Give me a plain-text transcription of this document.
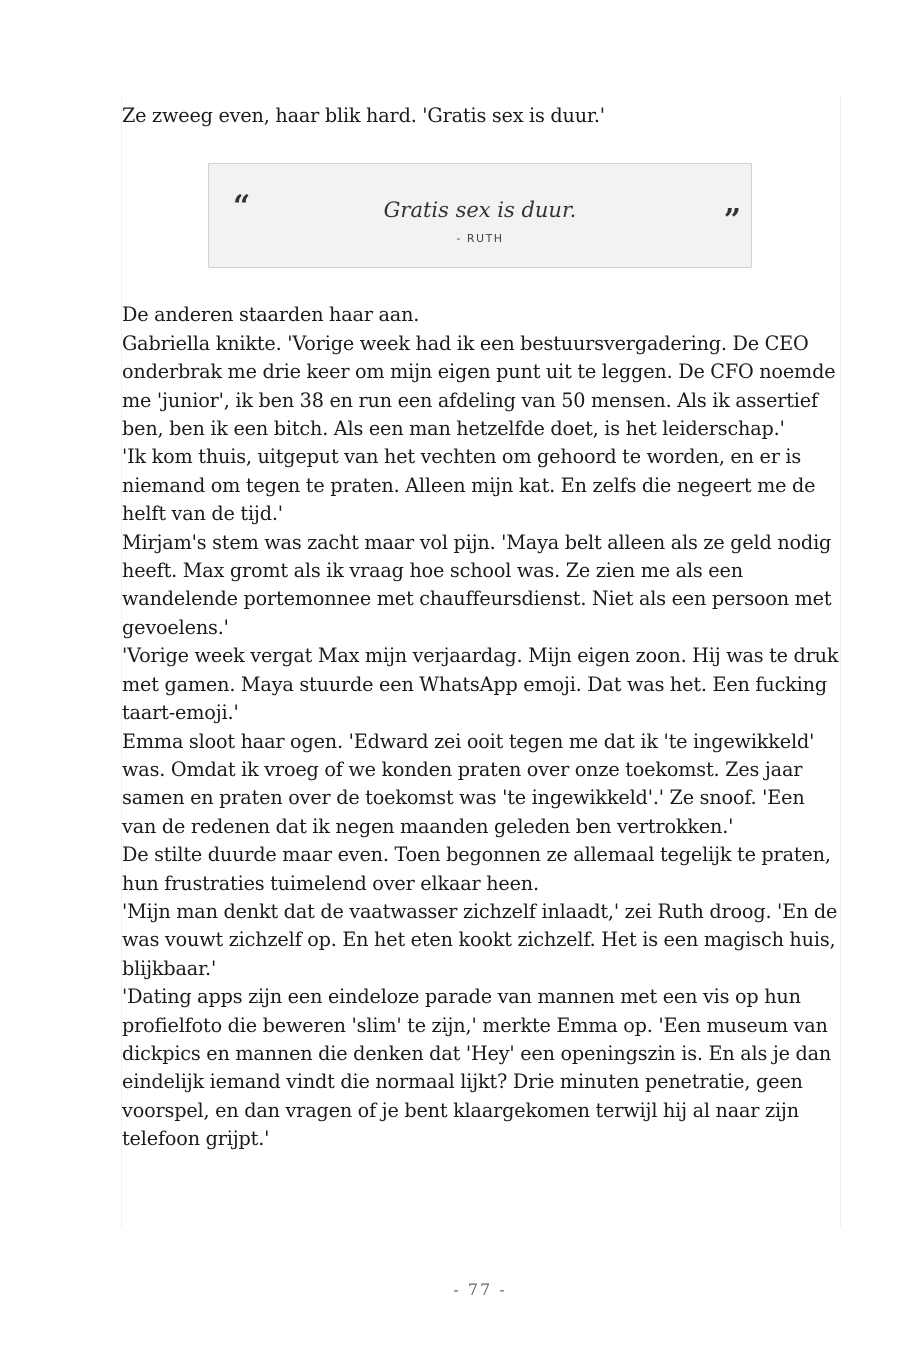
Ze zweeg even, haar blik hard. 'Gratis sex is duur.'

“	Gratis sex is duur.
- RUTH
”

De anderen staarden haar aan.

Gabriella knikte. 'Vorige week had ik een bestuursvergadering. De CEO onderbrak me drie keer om mijn eigen punt uit te leggen. De CFO noemde me 'junior', ik ben 38 en run een afdeling van 50 mensen. Als ik assertief ben, ben ik een bitch. Als een man hetzelfde doet, is het leiderschap.'

'Ik kom thuis, uitgeput van het vechten om gehoord te worden, en er is niemand om tegen te praten. Alleen mijn kat. En zelfs die negeert me de helft van de tijd.'

Mirjam's stem was zacht maar vol pijn. 'Maya belt alleen als ze geld nodig heeft. Max gromt als ik vraag hoe school was. Ze zien me als een wandelende portemonnee met chauffeursdienst. Niet als een persoon met gevoelens.'

'Vorige week vergat Max mijn verjaardag. Mijn eigen zoon. Hij was te druk met gamen. Maya stuurde een WhatsApp emoji. Dat was het. Een fucking taart-emoji.'

Emma sloot haar ogen. 'Edward zei ooit tegen me dat ik 'te ingewikkeld' was. Omdat ik vroeg of we konden praten over onze toekomst. Zes jaar samen en praten over de toekomst was 'te ingewikkeld'.' Ze snoof. 'Een van de redenen dat ik negen maanden geleden ben vertrokken.'

De stilte duurde maar even. Toen begonnen ze allemaal tegelijk te praten, hun frustraties tuimelend over elkaar heen.

'Mijn man denkt dat de vaatwasser zichzelf inlaadt,' zei Ruth droog. 'En de was vouwt zichzelf op. En het eten kookt zichzelf. Het is een magisch huis, blijkbaar.'

'Dating apps zijn een eindeloze parade van mannen met een vis op hun profielfoto die beweren 'slim' te zijn,' merkte Emma op. 'Een museum van dickpics en mannen die denken dat 'Hey' een openingszin is. En als je dan eindelijk iemand vindt die normaal lijkt? Drie minuten penetratie, geen voorspel, en dan vragen of je bent klaargekomen terwijl hij al naar zijn telefoon grijpt.'

- 77 -
